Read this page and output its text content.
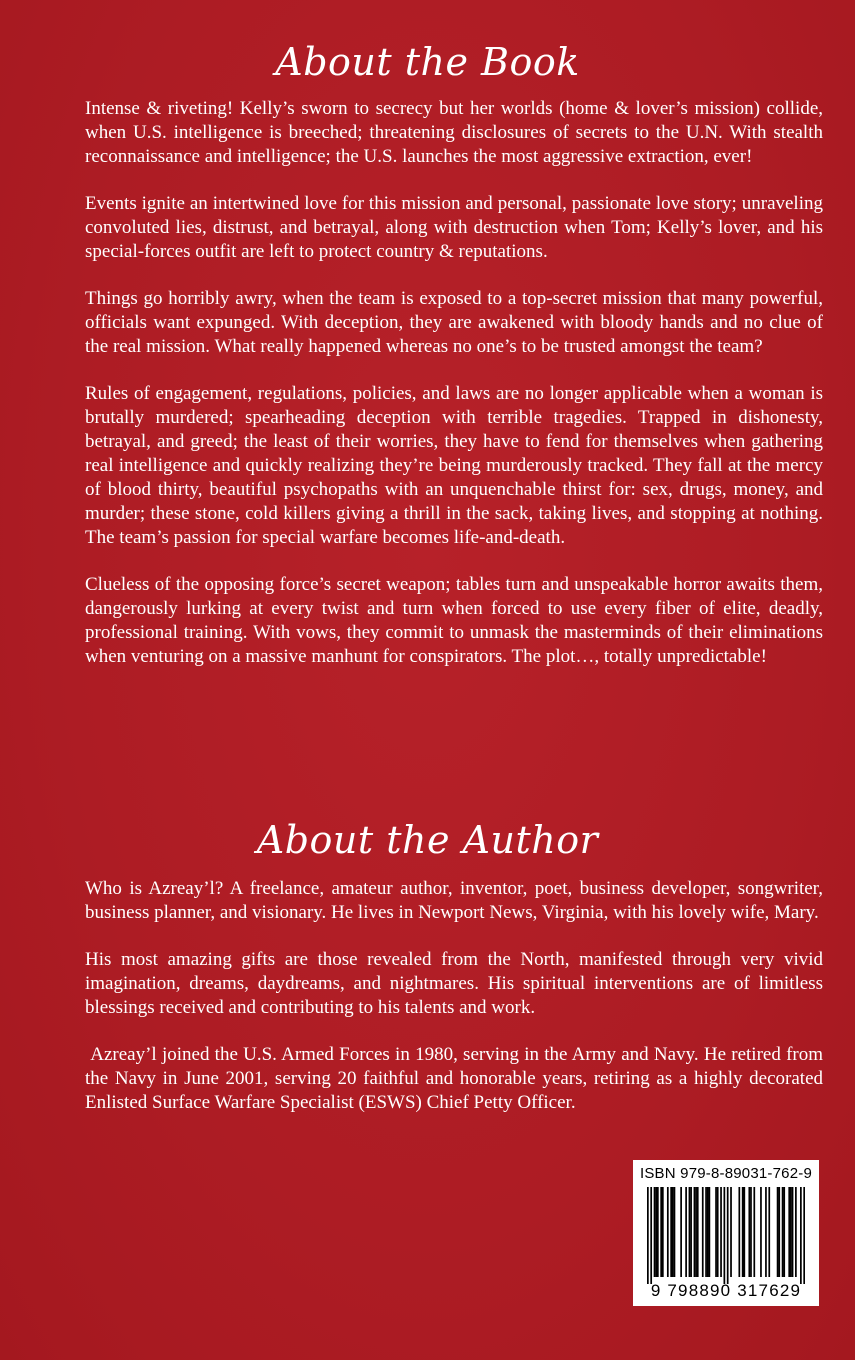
About the Book

Intense & riveting! Kelly’s sworn to secrecy but her worlds (home & lover’s mission) collide, when U.S. intelligence is breeched; threatening disclosures of secrets to the U.N. With stealth reconnaissance and intelligence; the U.S. launches the most aggressive extraction, ever!

Events ignite an intertwined love for this mission and personal, passionate love story; unraveling convoluted lies, distrust, and betrayal, along with destruction when Tom; Kelly’s lover, and his special-forces outfit are left to protect country & reputations.

Things go horribly awry, when the team is exposed to a top-secret mission that many powerful, officials want expunged. With deception, they are awakened with bloody hands and no clue of the real mission. What really happened whereas no one’s to be trusted amongst the team?

Rules of engagement, regulations, policies, and laws are no longer applicable when a woman is brutally murdered; spearheading deception with terrible tragedies. Trapped in dishonesty, betrayal, and greed; the least of their worries, they have to fend for themselves when gathering real intelligence and quickly realizing they’re being murderously tracked. They fall at the mercy of blood thirty, beautiful psychopaths with an unquenchable thirst for: sex, drugs, money, and murder; these stone, cold killers giving a thrill in the sack, taking lives, and stopping at nothing. The team’s passion for special warfare becomes life-and-death.

Clueless of the opposing force’s secret weapon; tables turn and unspeakable horror awaits them, dangerously lurking at every twist and turn when forced to use every fiber of elite, deadly, professional training. With vows, they commit to unmask the masterminds of their eliminations when venturing on a massive manhunt for conspirators. The plot…, totally unpredictable!

About the Author

Who is Azreay’l? A freelance, amateur author, inventor, poet, business developer, songwriter, business planner, and visionary. He lives in Newport News, Virginia, with his lovely wife, Mary.

His most amazing gifts are those revealed from the North, manifested through very vivid imagination, dreams, daydreams, and nightmares. His spiritual interventions are of limitless blessings received and contributing to his talents and work.

Azreay’l joined the U.S. Armed Forces in 1980, serving in the Army and Navy. He retired from the Navy in June 2001, serving 20 faithful and honorable years, retiring as a highly decorated Enlisted Surface Warfare Specialist (ESWS) Chief Petty Officer.

ISBN 979-8-89031-762-9
9 798890 317629
